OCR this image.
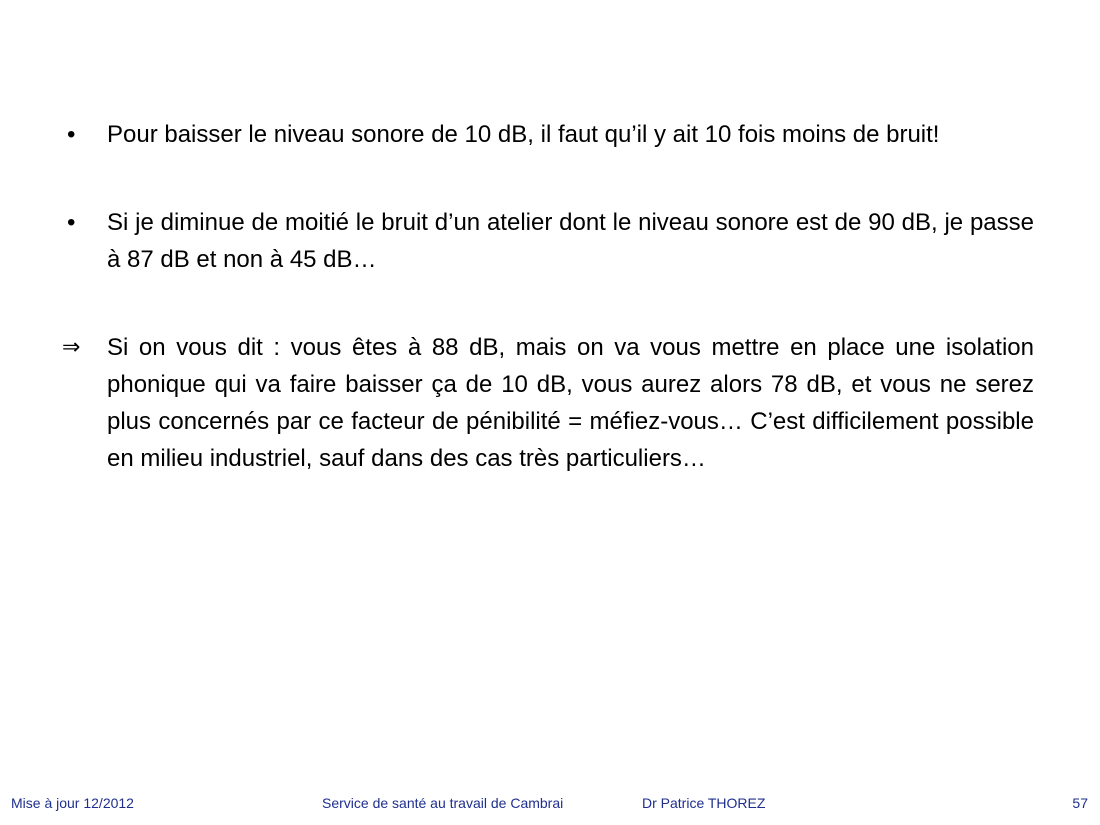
•	Pour baisser le niveau sonore de 10 dB, il faut qu’il y ait 10 fois moins de bruit!
•	Si je diminue de moitié le bruit d’un atelier dont le niveau sonore est de 90 dB, je passe à 87 dB et non à 45 dB…
⇒	Si on vous dit : vous êtes à 88 dB, mais on va vous mettre en place une isolation phonique qui va faire baisser ça de 10 dB, vous aurez alors 78 dB, et vous ne serez plus concernés par ce facteur de pénibilité = méfiez-vous… C’est difficilement possible en milieu industriel, sauf dans des cas très particuliers…
Mise à jour 12/2012	Service de santé au travail de Cambrai	Dr Patrice THOREZ	57
